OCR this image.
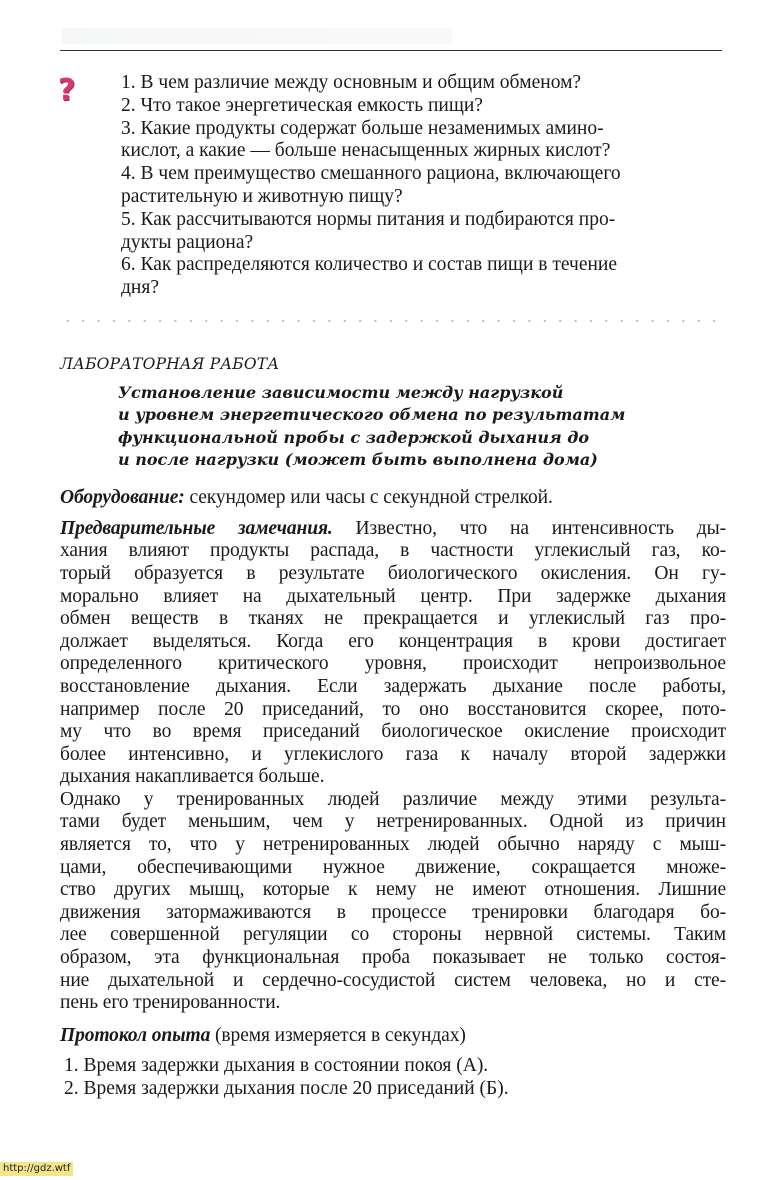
? 1. В чем различие между основным и общим обменом?
2. Что такое энергетическая емкость пищи?
3. Какие продукты содержат больше незаменимых амино-
кислот, а какие — больше ненасыщенных жирных кислот?
4. В чем преимущество смешанного рациона, включающего
растительную и животную пищу?
5. Как рассчитываются нормы питания и подбираются про-
дукты рациона?
6. Как распределяются количество и состав пищи в течение
дня?
ЛАБОРАТОРНАЯ РАБОТА
Установление зависимости между нагрузкой
и уровнем энергетического обмена по результатам
функциональной пробы с задержкой дыхания до
и после нагрузки (может быть выполнена дома)
Оборудование: секундомер или часы с секундной стрелкой.
Предварительные замечания. Известно, что на интенсивность ды-
хания влияют продукты распада, в частности углекислый газ, ко-
торый образуется в результате биологического окисления. Он гу-
морально влияет на дыхательный центр. При задержке дыхания
обмен веществ в тканях не прекращается и углекислый газ про-
должает выделяться. Когда его концентрация в крови достигает
определенного критического уровня, происходит непроизвольное
восстановление дыхания. Если задержать дыхание после работы,
например после 20 приседаний, то оно восстановится скорее, пото-
му что во время приседаний биологическое окисление происходит
более интенсивно, и углекислого газа к началу второй задержки
дыхания накапливается больше.
Однако у тренированных людей различие между этими результа-
тами будет меньшим, чем у нетренированных. Одной из причин
является то, что у нетренированных людей обычно наряду с мыш-
цами, обеспечивающими нужное движение, сокращается множе-
ство других мышц, которые к нему не имеют отношения. Лишние
движения затормаживаются в процессе тренировки благодаря бо-
лее совершенной регуляции со стороны нервной системы. Таким
образом, эта функциональная проба показывает не только состоя-
ние дыхательной и сердечно-сосудистой систем человека, но и сте-
пень его тренированности.
Протокол опыта (время измеряется в секундах)
1. Время задержки дыхания в состоянии покоя (А).
2. Время задержки дыхания после 20 приседаний (Б).
http://gdz.wtf
